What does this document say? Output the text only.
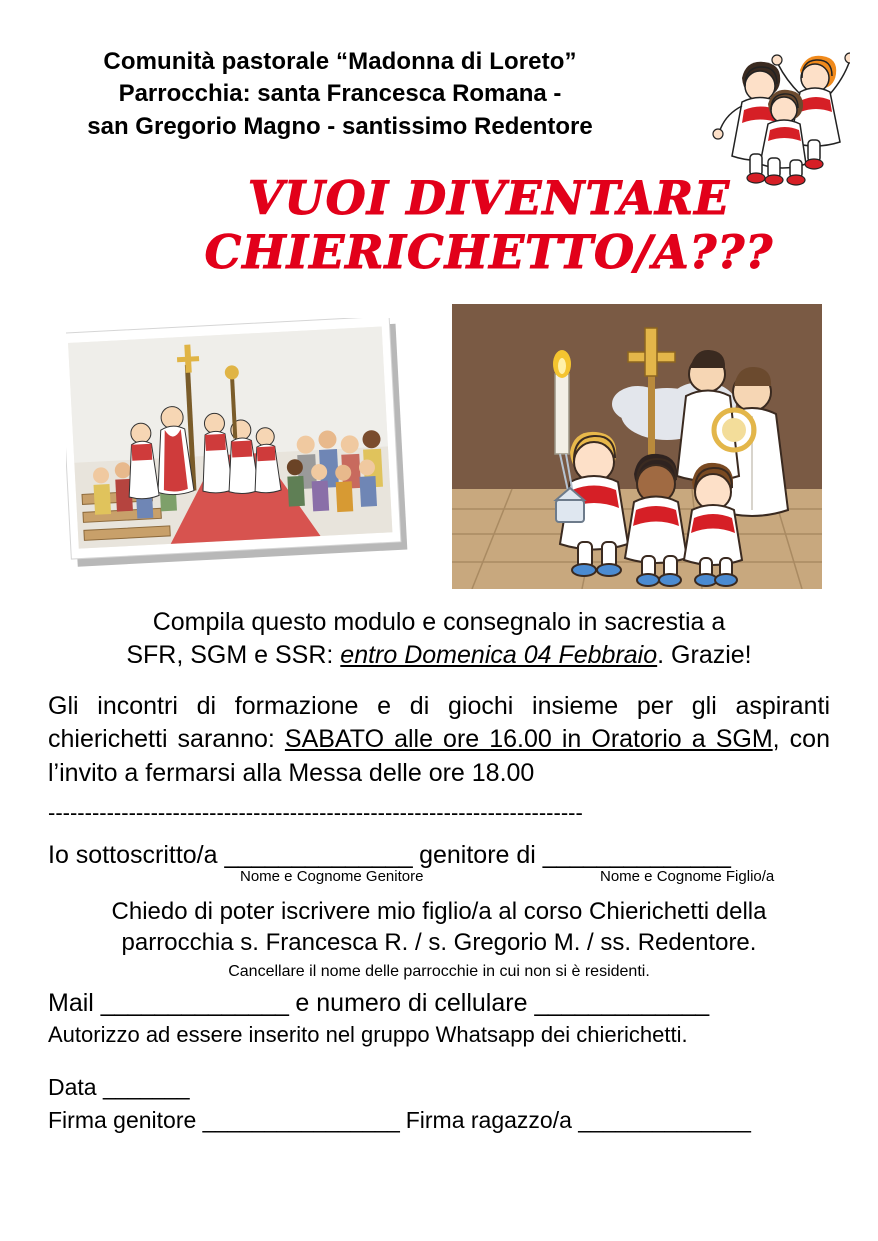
Comunità pastorale “Madonna di Loreto”
Parrocchia: santa Francesca Romana -
san Gregorio Magno - santissimo Redentore
VUOI DIVENTARE
CHIERICHETTO/A???
Compila questo modulo e consegnalo in sacrestia a
SFR, SGM e SSR: entro Domenica 04 Febbraio. Grazie!
Gli incontri di formazione e di giochi insieme per gli aspiranti chierichetti saranno: SABATO alle ore 16.00 in Oratorio a SGM, con l’invito a fermarsi alla Messa delle ore 18.00
-------------------------------------------------------------------------
Io sottoscritto/a ______________ genitore di ______________
Nome e Cognome Genitore	Nome e Cognome Figlio/a
Chiedo di poter iscrivere mio figlio/a al corso Chierichetti della
parrocchia s. Francesca R. / s. Gregorio M. / ss. Redentore.
Cancellare il nome delle parrocchie in cui non si è residenti.
Mail ______________ e numero di cellulare _____________
Autorizzo ad essere inserito nel gruppo Whatsapp dei chierichetti.
Data _______
Firma genitore ________________ Firma ragazzo/a ______________
